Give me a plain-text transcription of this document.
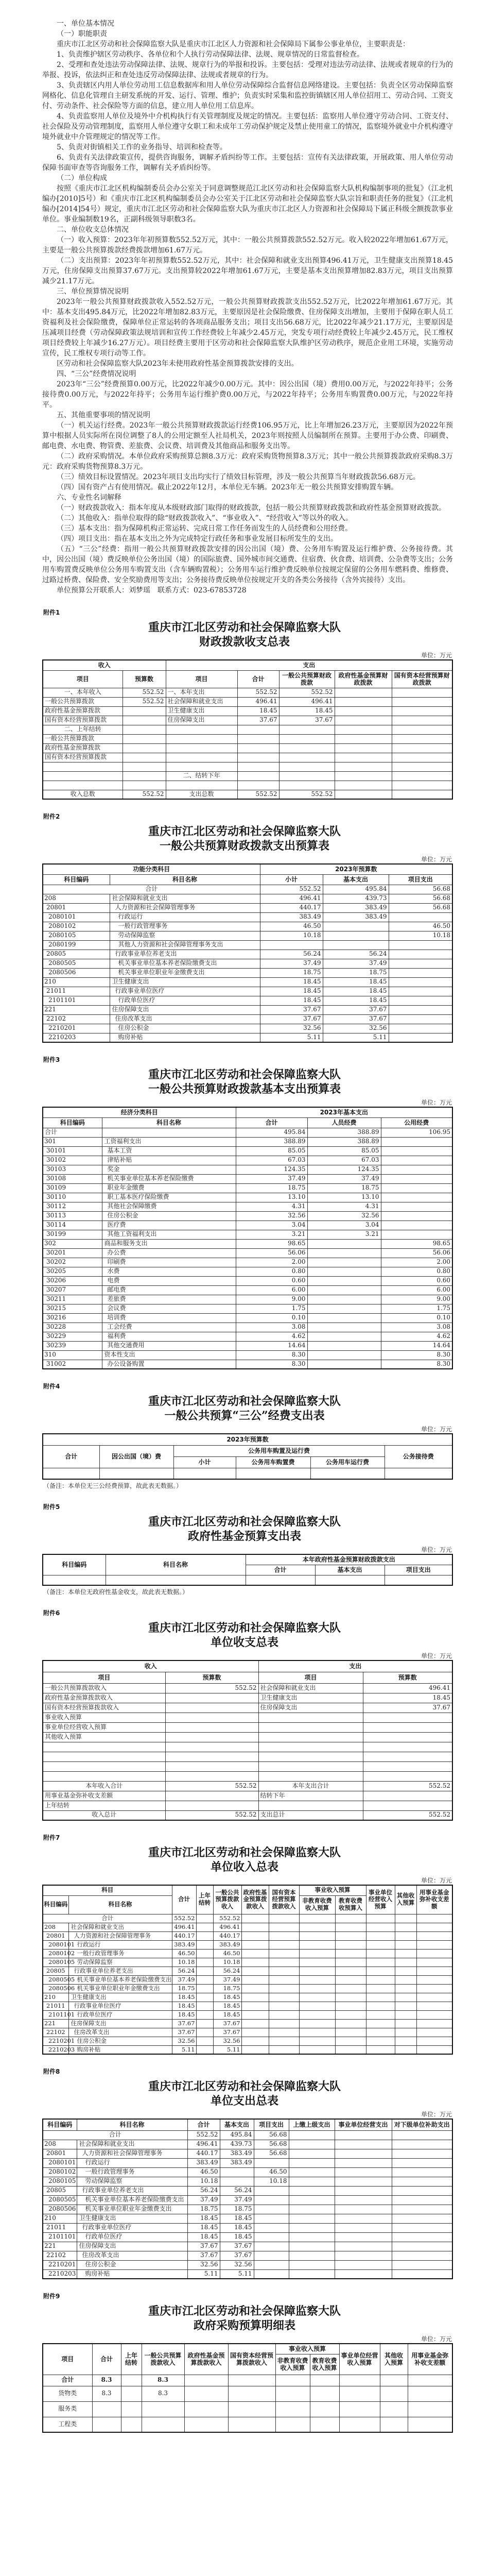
一、单位基本情况

（一）职能职责

重庆市江北区劳动和社会保障监察大队是重庆市江北区人力资源和社会保障局下属参公事业单位，主要职责是：

1、负责维护辖区劳动秩序、各单位和个人执行劳动保障法律、法规、规章情况的日常监督检查。

2、受理和查处违法劳动保障法律、法规、规章行为的举报和投诉。主要包括：受理对违法劳动法律、法规或者规章的行为的举报、投诉，依法纠正和查处违反劳动保障法律、法规或者规章的行为。

3、负责辖区内用人单位劳动用工信息数据库和用人单位劳动保障综合监督信息网络建设。主要包括：负责全区劳动保障监察网格化、信息化管理自主研发系统的开发、运行、管理、维护；负责实时采集和监控街镇辖区用人单位招用工、劳动合同、工资支付、劳动条件、社会保险等方面的信息，建立用人单位用工信息库。

4、负责监察用人单位及境外中介机构执行有关管理制度及规定的情况。主要包括：监察用人单位遵守劳动合同、工资支付、社会保险及劳动管理制度，监察用人单位遵守女职工和未成年工劳动保护规定及禁止使用童工的情况，监察境外就业中介机构遵守境外就业中介管理规定的情况等工作。

5、负责对街镇相关工作的业务指导、培训和检查等。

6、负责有关法律政策宣传，提供咨询服务，调解矛盾纠纷等工作。主要包括：宣传有关法律政策，开展政策、用人单位劳动保障书面审查等咨询服务工作，调解有关矛盾纠纷等。

（二）单位构成

按照《重庆市江北区机构编制委员会办公室关于同意调整规范江北区劳动和社会保障监察大队机构编制事项的批复》（江北机编办[2010]5号）和《重庆市江北区机构编制委员会办公室关于江北区劳动和社会保障监察大队宗旨和职责任务的批复》（江北机编办[2014]54号）规定，重庆市江北区劳动和社会保障监察大队为重庆市江北区人力资源和社会保障局下属正科级全额拨款事业单位。事业编制数19名，正副科级领导职数3名。

二、单位收支总体情况

（一）收入预算：2023年年初预算数552.52万元，其中：一般公共预算拨款552.52万元。收入较2022年增加61.67万元，主要是一般公共预算拨款经费拨款增加61.67万元。

（二）支出预算：2023年年初预算数552.52万元，其中：社会保障和就业支出预算496.41万元，卫生健康支出预算18.45万元，住房保障支出预算37.67万元。支出预算较2022年增加61.67万元，主要是基本支出预算增加82.83万元，项目支出预算减少21.17万元。

三、单位预算情况说明

2023年一般公共预算财政拨款收入552.52万元，一般公共预算财政拨款支出552.52万元，比2022年增加61.67万元。其中：基本支出495.84万元，比2022年增加82.83万元，主要原因是社会保险缴费、住房保障支出增加，主要用于保障在职人员工资福利及社会保险缴费，保障单位正常运转的各项商品服务支出；项目支出56.68万元，比2022年减少21.17万元，主要原因是压减项目经费（劳动保障政策法规培训和宣传工作经费较上年减少2.45万元，突发专项行动经费较上年减少2.45万元，民工维权项目经费较上年减少16.27万元）。项目经费主要用于区劳动和社会保障监察大队维护区劳动秩序，规范企业用工环境，实施劳动宣传，民工维权专项行动等工作。

区劳动和社会保障监察大队2023年未使用政府性基金预算拨款安排的支出。

四、“三公”经费情况说明

2023年“三公”经费预算0.00万元，比2022年减少0.00万元。其中：因公出国（境）费用0.00万元，与2022年持平；公务接待费0.00万元，与2022年持平；公务用车运行维护费0.00万元，与2022年持平；公务用车购置费0.00万元，与2022年持平。

五、其他重要事项的情况说明

（一）机关运行经费。2023年一般公共预算财政拨款运行经费106.95万元，比上年增加26.23万元，主要原因为2022年预算中根据人员实际所在岗位调整了8人的公用定额至人社局机关，2023年则按照人员编制所在预算。主要用于办公费、印刷费、邮电费、水电费、物管费、差旅费、会议费、培训费及其他商品和服务支出等。

（二）政府采购情况。本单位政府采购预算总额8.3万元：政府采购货物预算8.3万元；其中一般公共预算拨款政府采购8.3万元：政府采购货物预算8.3万元。

（三）绩效目标设置情况。2023年项目支出均实行了绩效目标管理，涉及一般公共预算当年财政拨款56.68万元。

（四）国有资产占有使用情况。截止2022年12月，本单位无车辆。2023年无一般公共预算安排购置车辆。

六、专业性名词解释

（一）财政拨款收入：指本年度从本级财政部门取得的财政拨款，包括一般公共预算财政拨款和政府性基金预算财政拨款。

（二）其他收入：指单位取得的除“财政拨款收入”、“事业收入”、“经营收入”等以外的收入。

（三）基本支出：指为保障机构正常运转、完成日常工作任务而发生的人员经费和公用经费。

（四）项目支出：指在基本支出之外为完成特定行政任务和事业发展目标所发生的支出。

（五）“三公”经费：指用一般公共预算财政拨款安排的因公出国（境）费、公务用车购置及运行维护费、公务接待费。其中，因公出国（境）费反映单位公务出国（境）的国际旅费、国外城市间交通费、住宿费、伙食费、培训费、公杂费等支出；公务用车购置费反映单位公务用车购置支出（含车辆购置税）；公务用车运行维护费反映单位按规定保留的公务用车燃料费、维修费、过路过桥费、保险费、安全奖励费用等支出；公务接待费反映单位按规定开支的各类公务接待（含外宾接待）支出。

单位预算公开联系人：刘梦瑶　联系方式：023-67853728

附件1
重庆市江北区劳动和社会保障监察大队
财政拨款收支总表
单位：万元
收入		支出				
项目	预算数	项目	合计	一般公共预算财政拨款	政府性基金预算财政拨款	国有资本经营预算财政拨款
一、本年收入	552.52	一、本年支出	552.52	552.52		
一般公共预算拨款	552.52	社会保障和就业支出	496.41	496.41		
政府性基金预算拨款		卫生健康支出	18.45	18.45		
国有资本经营预算拨款		住房保障支出	37.67	37.67		
二、上年结转						
一般公共预算拨款						
政府性基金预算拨款						
国有资本经营预算拨款						

		二、结转下年				

收入总数	552.52	支出总数	552.52	552.52		
附件2
重庆市江北区劳动和社会保障监察大队
一般公共预算财政拨款支出预算表
单位：万元
功能分类科目		2023年预算数		
科目编码	科目名称	小计	基本支出	项目支出
合计		552.52	495.84	56.68
208	社会保障和就业支出	496.41	439.73	56.68
20801	人力资源和社会保障管理事务	440.17	383.49	56.68
2080101	行政运行	383.49	383.49	
2080102	一般行政管理事务	46.50		46.50
2080105	劳动保障监察	10.18		10.18
2080199	其他人力资源和社会保障管理事务支出			
20805	行政事业单位养老支出	56.24	56.24	
2080505	机关事业单位基本养老保险缴费支出	37.49	37.49	
2080506	机关事业单位职业年金缴费支出	18.75	18.75	
210	卫生健康支出	18.45	18.45	
21011	行政事业单位医疗	18.45	18.45	
2101101	行政单位医疗	18.45	18.45	
221	住房保障支出	37.67	37.67	
22102	住房改革支出	37.67	37.67	
2210201	住房公积金	32.56	32.56	
2210203	购房补贴	5.11	5.11	
附件3
重庆市江北区劳动和社会保障监察大队
一般公共预算财政拨款基本支出预算表
单位：万元
经济分类科目		2023年基本支出		
科目编码	科目名称	合计	人员经费	公用经费
合计		495.84	388.89	106.95
301	工资福利支出	388.89	388.89	
30101	基本工资	85.05	85.05	
30102	津贴补贴	67.03	67.03	
30103	奖金	124.35	124.35	
30108	机关事业单位基本养老保险缴费	37.49	37.49	
30109	职业年金缴费	18.75	18.75	
30110	职工基本医疗保险缴费	13.10	13.10	
30112	其他社会保障缴费	4.31	4.31	
30113	住房公积金	32.56	32.56	
30114	医疗费	3.04	3.04	
30199	其他工资福利支出	3.21	3.21	
302	商品和服务支出	98.65		98.65
30201	办公费	56.06		56.06
30202	印刷费	2.00		2.00
30205	水费	0.80		0.80
30206	电费	0.60		0.60
30207	邮电费	6.00		6.00
30211	差旅费	9.00		9.00
30215	会议费	1.75		1.75
30216	培训费	0.10		0.10
30228	工会经费	3.08		3.08
30229	福利费	4.62		4.62
30239	其他交通费用	14.64		14.64
310	资本性支出	8.30		8.30
31002	办公设备购置	8.30		8.30
附件4
重庆市江北区劳动和社会保障监察大队
一般公共预算“三公”经费支出表
单位：万元
2023年预算数					
合计	因公出国（境）费	公务用车购置及运行费			公务接待费
		小计	公务用车购置费	公务用车运行费	

（备注：本单位无三公经费预算，故此表无数据。）
附件5
重庆市江北区劳动和社会保障监察大队
政府性基金预算支出表
单位：万元
科目编码	科目名称	本年政府性基金预算财政拨款支出		
		合计	基本支出	项目支出

（备注：本单位无政府性基金收支，故此表无数据。）
附件6
重庆市江北区劳动和社会保障监察大队
单位收支总表
单位：万元
收入		支出	
项目	预算数	项目	预算数
一般公共预算拨款收入	552.52	社会保障和就业支出	496.41
政府性基金预算拨款收入		卫生健康支出	18.45
国有资本经营预算拨款收入		住房保障支出	37.67
事业收入预算			
事业单位经营收入预算			
其他收入预算			

本年收入合计	552.52	本年支出合计	552.52
用事业基金弥补收支差额		结转下年	
上年结转			
收入总计	552.52	支出总计	552.52
附件7
重庆市江北区劳动和社会保障监察大队
单位收入总表
单位：万元
科目		合计	上年结转	一般公共预算拨款收入	政府性基金预算拨款收入	国有资本经营预算拨款收入	事业收入预算		事业单位经营收入预算	其他收入预算	用事业基金弥补收支差额
科目编码	科目名称						非教育收费收入预算	教育收费收预算入			
合计		552.52		552.52							
208	社会保障和就业支出	496.41		496.41							
20801	人力资源和社会保障管理事务	440.17		440.17							
2080101	行政运行	383.49		383.49							
2080102	一般行政管理事务	46.50		46.50							
2080105	劳动保障监察	10.18		10.18							
20805	行政事业单位养老支出	56.24		56.24							
2080505	机关事业单位基本养老保险缴费支出	37.49		37.49							
2080506	机关事业单位职业年金缴费支出	18.75		18.75							
210	卫生健康支出	18.45		18.45							
21011	行政事业单位医疗	18.45		18.45							
2101101	行政单位医疗	18.45		18.45							
221	住房保障支出	37.67		37.67							
22102	住房改革支出	37.67		37.67							
2210201	住房公积金	32.56		32.56							
2210203	购房补贴	5.11		5.11							
附件8
重庆市江北区劳动和社会保障监察大队
单位支出总表
单位：万元
科目编码	科目名称	合计	基本支出	项目支出	上缴上级支出	事业单位经营支出	对下级单位补助支出
合计		552.52	495.84	56.68			
208	社会保障和就业支出	496.41	439.73	56.68			
20801	人力资源和社会保障管理事务	440.17	383.49	56.68			
2080101	行政运行	383.49	383.49				
2080102	一般行政管理事务	46.50		46.50			
2080105	劳动保障监察	10.18		10.18			
20805	行政事业单位养老支出	56.24	56.24				
2080505	机关事业单位基本养老保险缴费支出	37.49	37.49				
2080506	机关事业单位职业年金缴费支出	18.75	18.75				
210	卫生健康支出	18.45	18.45				
21011	行政事业单位医疗	18.45	18.45				
2101101	行政单位医疗	18.45	18.45				
221	住房保障支出	37.67	37.67				
22102	住房改革支出	37.67	37.67				
2210201	住房公积金	32.56	32.56				
2210203	购房补贴	5.11	5.11				
附件9
重庆市江北区劳动和社会保障监察大队
政府采购预算明细表
单位：万元
项目	合计	上年结转	一般公共预算拨款收入	政府性基金预算拨款收入	国有资本经营预算拨款收入	事业收入预算		事业单位经营收入预算	其他收入预算	用事业基金弥补收支差额
						非教育收费收入预算	教育收费收入预算			
合计	8.3		8.3							
货物类	8.3		8.3							
服务类										
工程类										
